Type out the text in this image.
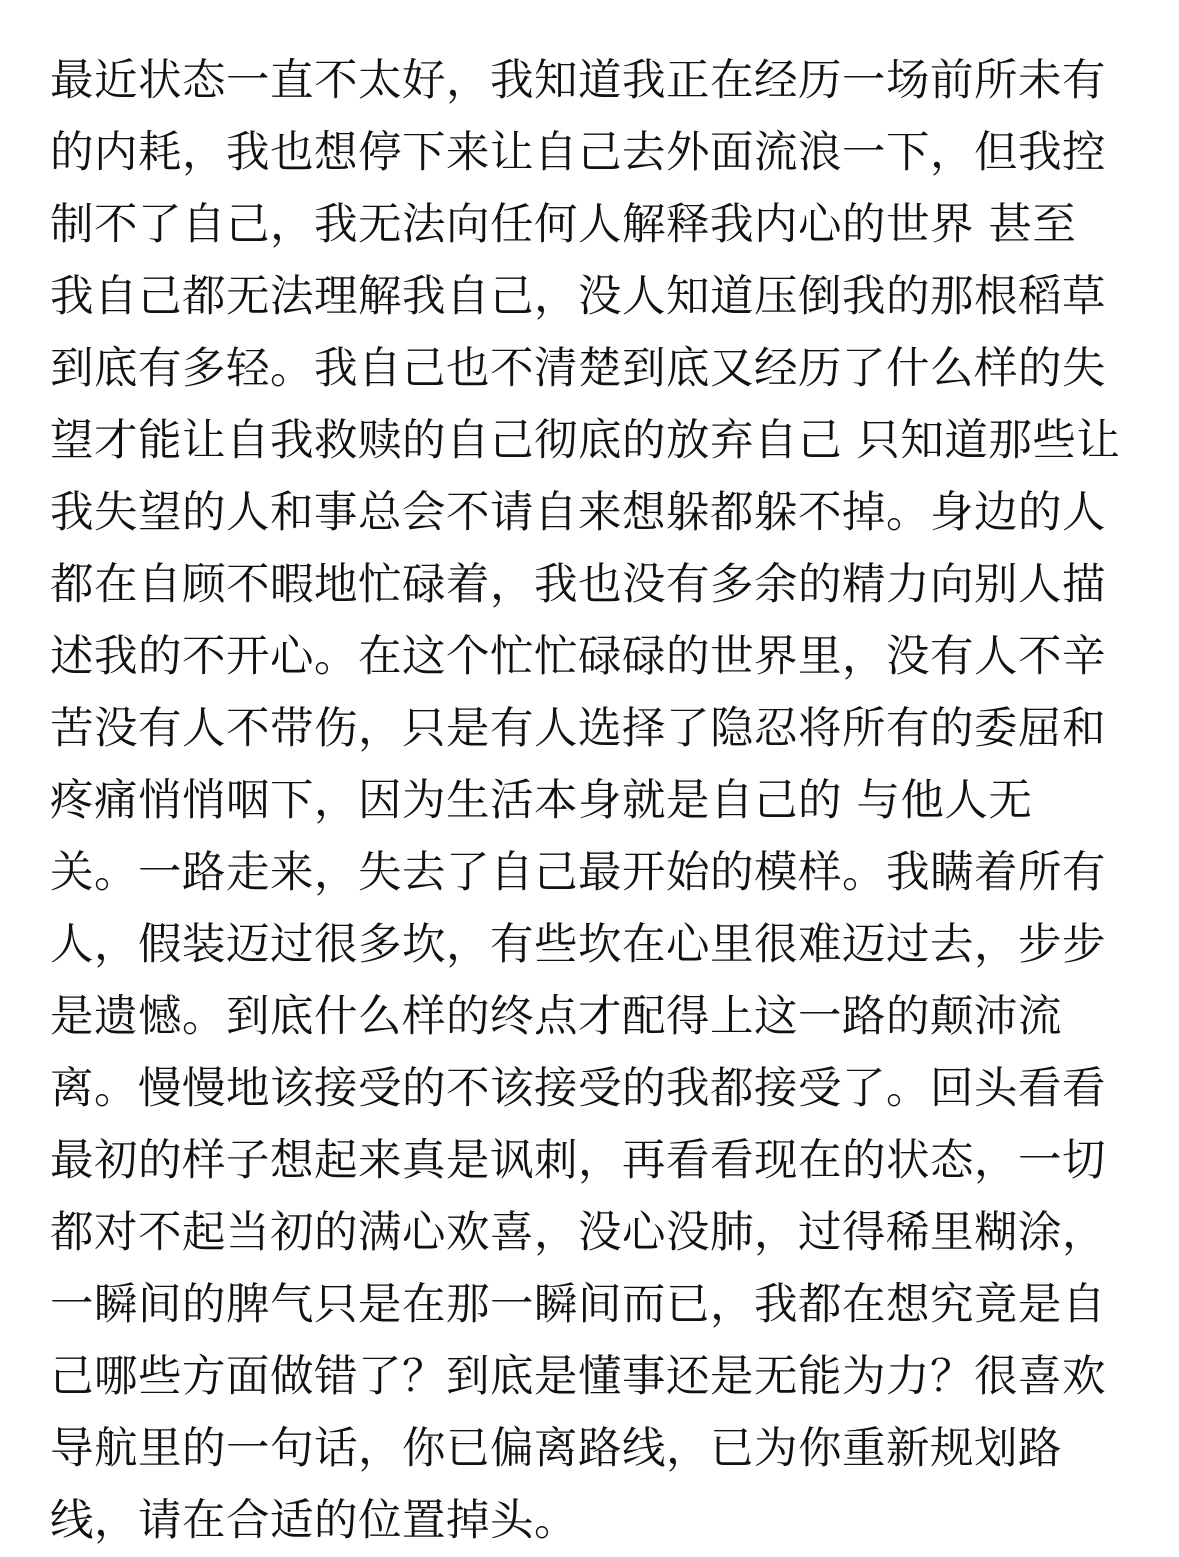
最近状态一直不太好，我知道我正在经历一场前所未有
的内耗，我也想停下来让自己去外面流浪一下，但我控
制不了自己，我无法向任何人解释我内心的世界 甚至
我自己都无法理解我自己，没人知道压倒我的那根稻草
到底有多轻。我自己也不清楚到底又经历了什么样的失
望才能让自我救赎的自己彻底的放弃自己 只知道那些让
我失望的人和事总会不请自来想躲都躲不掉。身边的人
都在自顾不暇地忙碌着，我也没有多余的精力向别人描
述我的不开心。在这个忙忙碌碌的世界里，没有人不辛
苦没有人不带伤，只是有人选择了隐忍将所有的委屈和
疼痛悄悄咽下，因为生活本身就是自己的 与他人无
关。一路走来，失去了自己最开始的模样。我瞒着所有
人，假装迈过很多坎，有些坎在心里很难迈过去，步步
是遗憾。到底什么样的终点才配得上这一路的颠沛流
离。慢慢地该接受的不该接受的我都接受了。回头看看
最初的样子想起来真是讽刺，再看看现在的状态，一切
都对不起当初的满心欢喜，没心没肺，过得稀里糊涂，
一瞬间的脾气只是在那一瞬间而已，我都在想究竟是自
己哪些方面做错了？到底是懂事还是无能为力？很喜欢
导航里的一句话，你已偏离路线，已为你重新规划路
线，请在合适的位置掉头。
